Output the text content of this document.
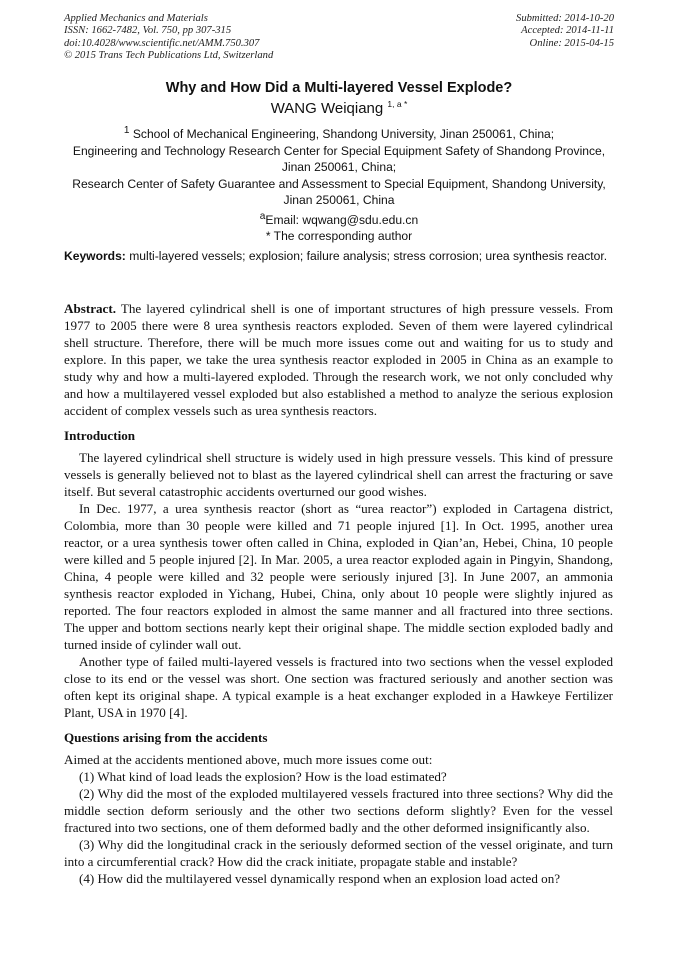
Applied Mechanics and Materials
ISSN: 1662-7482, Vol. 750, pp 307-315
doi:10.4028/www.scientific.net/AMM.750.307
© 2015 Trans Tech Publications Ltd, Switzerland
Submitted: 2014-10-20
Accepted: 2014-11-11
Online: 2015-04-15
Why and How Did a Multi-layered Vessel Explode?
WANG Weiqiang $^{1, a *}$
$^1$ School of Mechanical Engineering, Shandong University, Jinan 250061, China;
Engineering and Technology Research Center for Special Equipment Safety of Shandong Province,
Jinan 250061, China;
Research Center of Safety Guarantee and Assessment to Special Equipment, Shandong University,
Jinan 250061, China
$^a$Email: wqwang@sdu.edu.cn
* The corresponding author
Keywords: multi-layered vessels; explosion; failure analysis; stress corrosion; urea synthesis reactor.

Abstract. The layered cylindrical shell is one of important structures of high pressure vessels. From 1977 to 2005 there were 8 urea synthesis reactors exploded. Seven of them were layered cylindrical shell structure. Therefore, there will be much more issues come out and waiting for us to study and explore. In this paper, we take the urea synthesis reactor exploded in 2005 in China as an example to study why and how a multi-layered exploded. Through the research work, we not only concluded why and how a multilayered vessel exploded but also established a method to analyze the serious explosion accident of complex vessels such as urea synthesis reactors.

Introduction

The layered cylindrical shell structure is widely used in high pressure vessels. This kind of pressure vessels is generally believed not to blast as the layered cylindrical shell can arrest the fracturing or save itself. But several catastrophic accidents overturned our good wishes.

In Dec. 1977, a urea synthesis reactor (short as “urea reactor”) exploded in Cartagena district, Colombia, more than 30 people were killed and 71 people injured [1]. In Oct. 1995, another urea reactor, or a urea synthesis tower often called in China, exploded in Qian’an, Hebei, China, 10 people were killed and 5 people injured [2]. In Mar. 2005, a urea reactor exploded again in Pingyin, Shandong, China, 4 people were killed and 32 people were seriously injured [3]. In June 2007, an ammonia synthesis reactor exploded in Yichang, Hubei, China, only about 10 people were slightly injured as reported. The four reactors exploded in almost the same manner and all fractured into three sections. The upper and bottom sections nearly kept their original shape. The middle section exploded badly and turned inside of cylinder wall out.

Another type of failed multi-layered vessels is fractured into two sections when the vessel exploded close to its end or the vessel was short. One section was fractured seriously and another section was often kept its original shape. A typical example is a heat exchanger exploded in a Hawkeye Fertilizer Plant, USA in 1970 [4].

Questions arising from the accidents

Aimed at the accidents mentioned above, much more issues come out:

(1) What kind of load leads the explosion? How is the load estimated?

(2) Why did the most of the exploded multilayered vessels fractured into three sections? Why did the middle section deform seriously and the other two sections deform slightly? Even for the vessel fractured into two sections, one of them deformed badly and the other deformed insignificantly also.

(3) Why did the longitudinal crack in the seriously deformed section of the vessel originate, and turn into a circumferential crack? How did the crack initiate, propagate stable and instable?

(4) How did the multilayered vessel dynamically respond when an explosion load acted on?
